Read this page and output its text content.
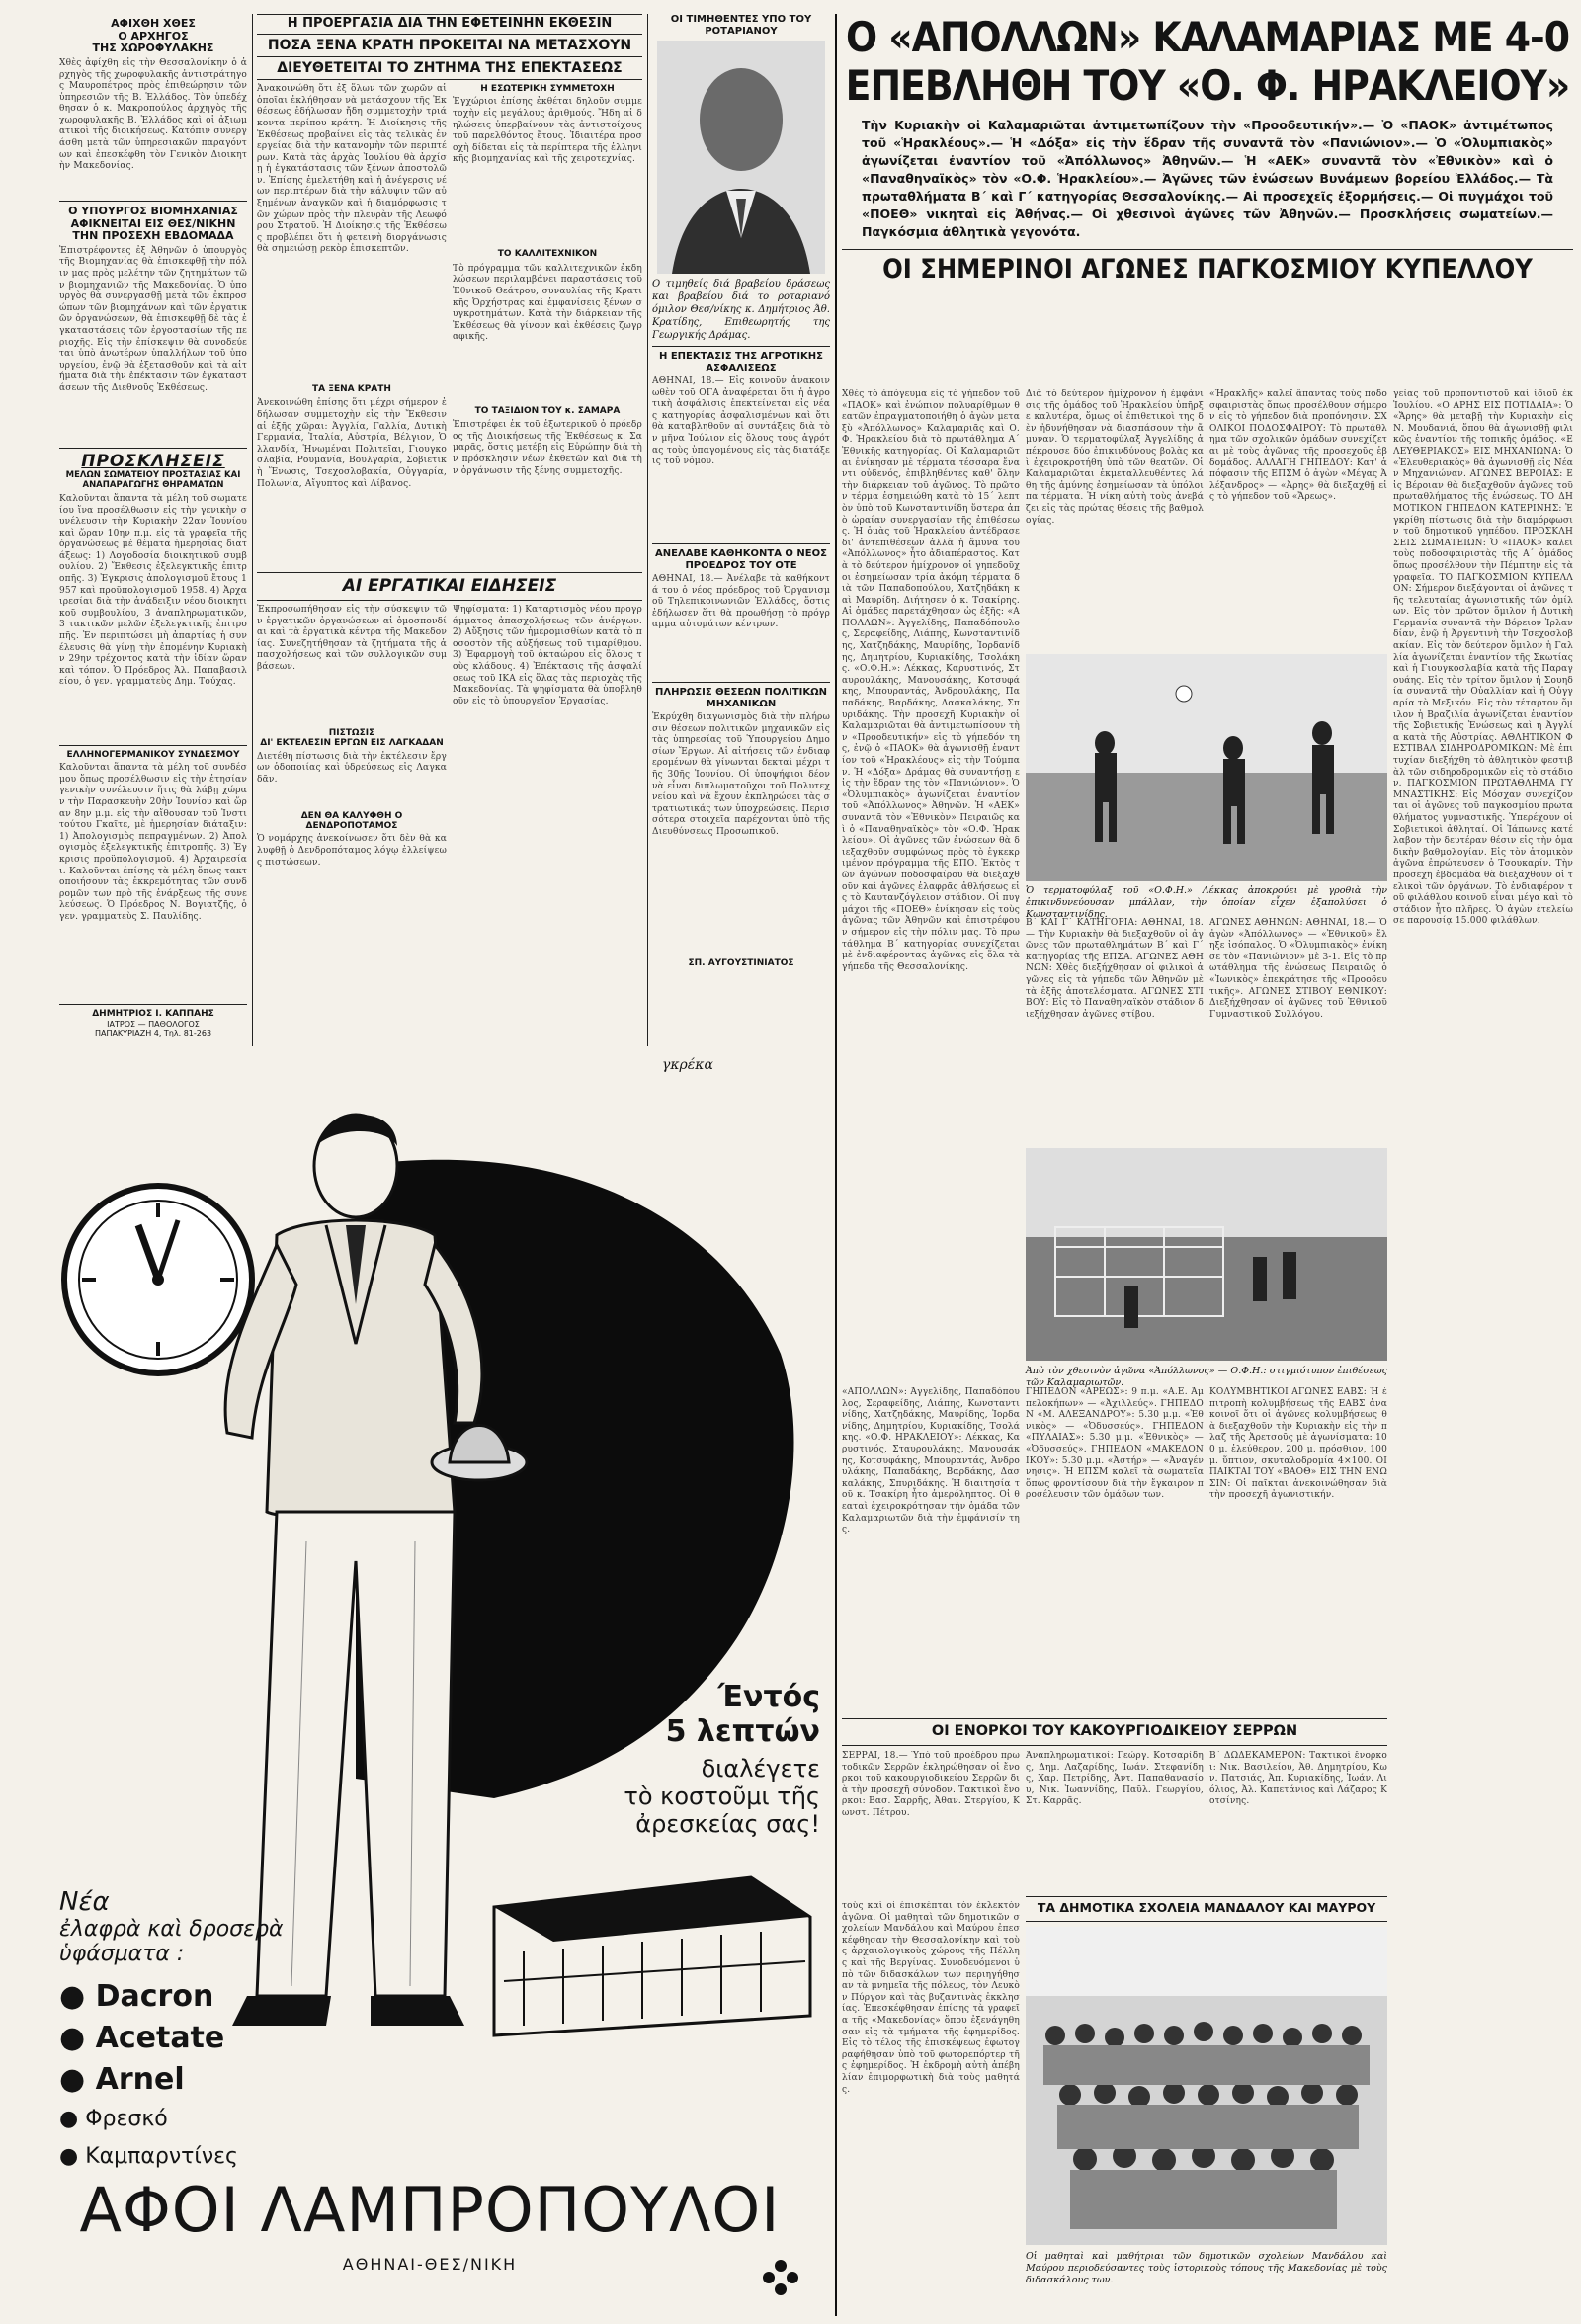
ΑΦΙΧΘΗ ΧΘΕΣ
Ο ΑΡΧΗΓΟΣ
ΤΗΣ ΧΩΡΟΦΥΛΑΚΗΣ
Χθὲς ἀφίχθη εἰς τὴν Θεσσαλονίκην ὁ ἀρχηγὸς τῆς χωροφυλακῆς ἀντιστράτηγος Μαυροπέτρος πρὸς ἐπιθεώρησιν τῶν ὑπηρεσιῶν τῆς Β. Ἑλλάδος. Τὸν ὑπεδέχθησαν ὁ κ. Μακροπούλος ἀρχηγὸς τῆς χωροφυλακῆς Β. Ἑλλάδος καὶ οἱ ἀξιωματικοὶ τῆς διοικήσεως. Κατόπιν συνεργάσθη μετὰ τῶν ὑπηρεσιακῶν παραγόντων καὶ ἐπεσκέφθη τὸν Γενικὸν Διοικητὴν Μακεδονίας.
Ο ΥΠΟΥΡΓΟΣ ΒΙΟΜΗΧΑΝΙΑΣ ΑΦΙΚΝΕΙΤΑΙ ΕΙΣ ΘΕΣ/ΝΙΚΗΝ ΤΗΝ ΠΡΟΣΕΧΗ ΕΒΔΟΜΑΔΑ
Ἐπιστρέφοντες ἐξ Ἀθηνῶν ὁ ὑπουργὸς τῆς Βιομηχανίας θὰ ἐπισκεφθῇ τὴν πόλιν μας πρὸς μελέτην τῶν ζητημάτων τῶν βιομηχανιῶν τῆς Μακεδονίας. Ὁ ὑπουργὸς θὰ συνεργασθῇ μετὰ τῶν ἐκπροσώπων τῶν βιομηχάνων καὶ τῶν ἐργατικῶν ὀργανώσεων, θὰ ἐπισκεφθῇ δὲ τὰς ἐγκαταστάσεις τῶν ἐργοστασίων τῆς περιοχῆς. Εἰς τὴν ἐπίσκεψιν θὰ συνοδεύεται ὑπὸ ἀνωτέρων ὑπαλλήλων τοῦ ὑπουργείου, ἐνῷ θὰ ἐξετασθοῦν καὶ τὰ αἰτήματα διὰ τὴν ἐπέκτασιν τῶν ἐγκαταστάσεων τῆς Διεθνοῦς Ἐκθέσεως.
ΠΡΟΣΚΛΗΣΕΙΣ
ΜΕΛΩΝ ΣΩΜΑΤΕΙΟΥ ΠΡΟΣΤΑΣΙΑΣ ΚΑΙ ΑΝΑΠΑΡΑΓΩΓΗΣ ΘΗΡΑΜΑΤΩΝ
Καλοῦνται ἅπαντα τὰ μέλη τοῦ σωματείου ἵνα προσέλθωσιν εἰς τὴν γενικὴν συνέλευσιν τὴν Κυριακὴν 22αν Ἰουνίου καὶ ὥραν 10ην π.μ. εἰς τὰ γραφεῖα τῆς ὀργανώσεως μὲ θέματα ἡμερησίας διατάξεως: 1) Λογοδοσία διοικητικοῦ συμβουλίου. 2) Ἔκθεσις ἐξελεγκτικῆς ἐπιτροπῆς. 3) Ἐγκρισις ἀπολογισμοῦ ἔτους 1957 καὶ προϋπολογισμοῦ 1958. 4) Ἀρχαιρεσίαι διὰ τὴν ἀνάδειξιν νέου διοικητικοῦ συμβουλίου, 3 ἀναπληρωματικῶν, 3 τακτικῶν μελῶν ἐξελεγκτικῆς ἐπιτροπῆς. Ἐν περιπτώσει μὴ ἀπαρτίας ἡ συνέλευσις θὰ γίνῃ τὴν ἐπομένην Κυριακὴν 29ην τρέχοντος κατὰ τὴν ἰδίαν ὥραν καὶ τόπον. Ὁ Πρόεδρος Ἀλ. Παπαβασιλείου, ὁ γεν. γραμματεὺς Δημ. Τούχας.
ΕΛΛΗΝΟΓΕΡΜΑΝΙΚΟΥ ΣΥΝΔΕΣΜΟΥ
Καλοῦνται ἅπαντα τὰ μέλη τοῦ συνδέσμου ὅπως προσέλθωσιν εἰς τὴν ἐτησίαν γενικὴν συνέλευσιν ἥτις θὰ λάβῃ χώραν τὴν Παρασκευὴν 20ὴν Ἰουνίου καὶ ὥραν 8ην μ.μ. εἰς τὴν αἴθουσαν τοῦ Ἰνστιτούτου Γκαῖτε, μὲ ἡμερησίαν διάταξιν: 1) Ἀπολογισμὸς πεπραγμένων. 2) Ἀπολογισμὸς ἐξελεγκτικῆς ἐπιτροπῆς. 3) Ἐγκρισις προϋπολογισμοῦ. 4) Ἀρχαιρεσίαι. Καλοῦνται ἐπίσης τὰ μέλη ὅπως τακτοποιήσουν τὰς ἐκκρεμότητας τῶν συνδρομῶν των πρὸ τῆς ἐνάρξεως τῆς συνελεύσεως. Ὁ Πρόεδρος Ν. Βογιατζῆς, ὁ γεν. γραμματεὺς Σ. Παυλίδης.
ΔΗΜΗΤΡΙΟΣ Ι. ΚΑΠΠΑΗΣ
ΙΑΤΡΟΣ — ΠΑΘΟΛΟΓΟΣ
ΠΑΠΑΚΥΡΙΑΖΗ 4, Τηλ. 81-263
Η ΠΡΟΕΡΓΑΣΙΑ ΔΙΑ ΤΗΝ ΕΦΕΤΕΙΝΗΝ ΕΚΘΕΣΙΝ
ΠΟΣΑ ΞΕΝΑ ΚΡΑΤΗ ΠΡΟΚΕΙΤΑΙ ΝΑ ΜΕΤΑΣΧΟΥΝ
ΔΙΕΥΘΕΤΕΙΤΑΙ ΤΟ ΖΗΤΗΜΑ ΤΗΣ ΕΠΕΚΤΑΣΕΩΣ
Ἀνακοινώθη ὅτι ἐξ ὅλων τῶν χωρῶν αἱ ὁποῖαι ἐκλήθησαν νὰ μετάσχουν τῆς Ἐκθέσεως ἐδήλωσαν ἤδη συμμετοχὴν τριάκοντα περίπου κράτη. Ἡ Διοίκησις τῆς Ἐκθέσεως προβαίνει εἰς τὰς τελικὰς ἐνεργείας διὰ τὴν κατανομὴν τῶν περιπτέρων. Κατὰ τὰς ἀρχὰς Ἰουλίου θὰ ἀρχίσῃ ἡ ἐγκατάστασις τῶν ξένων ἀποστολῶν. Ἐπίσης ἐμελετήθη καὶ ἡ ἀνέγερσις νέων περιπτέρων διὰ τὴν κάλυψιν τῶν αὐξημένων ἀναγκῶν καὶ ἡ διαμόρφωσις τῶν χώρων πρὸς τὴν πλευρὰν τῆς Λεωφόρου Στρατοῦ. Ἡ Διοίκησις τῆς Ἐκθέσεως προβλέπει ὅτι ἡ φετεινὴ διοργάνωσις θὰ σημειώσῃ ρεκὸρ ἐπισκεπτῶν.
ΤΑ ΞΕΝΑ ΚΡΑΤΗ
Ἀνεκοινώθη ἐπίσης ὅτι μέχρι σήμερον ἐδήλωσαν συμμετοχὴν εἰς τὴν Ἔκθεσιν αἱ ἑξῆς χῶραι: Ἀγγλία, Γαλλία, Δυτικὴ Γερμανία, Ἰταλία, Αὐστρία, Βέλγιον, Ὁλλανδία, Ἡνωμέναι Πολιτεῖαι, Γιουγκοσλαβία, Ρουμανία, Βουλγαρία, Σοβιετικὴ Ἕνωσις, Τσεχοσλοβακία, Οὐγγαρία, Πολωνία, Αἴγυπτος καὶ Λίβανος.
Η ΕΣΩΤΕΡΙΚΗ ΣΥΜΜΕΤΟΧΗ
Ἐγχώριοι ἐπίσης ἐκθέται δηλοῦν συμμετοχὴν εἰς μεγάλους ἀριθμούς. Ἤδη αἱ δηλώσεις ὑπερβαίνουν τὰς ἀντιστοίχους τοῦ παρελθόντος ἔτους. Ἰδιαιτέρα προσοχὴ δίδεται εἰς τὰ περίπτερα τῆς ἐλληνικῆς βιομηχανίας καὶ τῆς χειροτεχνίας.
ΤΟ ΚΑΛΛΙΤΕΧΝΙΚΟΝ
Τὸ πρόγραμμα τῶν καλλιτεχνικῶν ἐκδηλώσεων περιλαμβάνει παραστάσεις τοῦ Ἐθνικοῦ Θεάτρου, συναυλίας τῆς Κρατικῆς Ὀρχήστρας καὶ ἐμφανίσεις ξένων συγκροτημάτων. Κατὰ τὴν διάρκειαν τῆς Ἐκθέσεως θὰ γίνουν καὶ ἐκθέσεις ζωγραφικῆς.
ΤΟ ΤΑΞΙΔΙΟΝ ΤΟΥ κ. ΣΑΜΑΡΑ
Ἐπιστρέφει ἐκ τοῦ ἐξωτερικοῦ ὁ πρόεδρος τῆς Διοικήσεως τῆς Ἐκθέσεως κ. Σαμαρᾶς, ὅστις μετέβη εἰς Εὐρώπην διὰ τὴν πρόσκλησιν νέων ἐκθετῶν καὶ διὰ τὴν ὀργάνωσιν τῆς ξένης συμμετοχῆς.
ΑΙ ΕΡΓΑΤΙΚΑΙ ΕΙΔΗΣΕΙΣ
Ἐκπροσωπήθησαν εἰς τὴν σύσκεψιν τῶν ἐργατικῶν ὀργανώσεων αἱ ὁμοσπονδίαι καὶ τὰ ἐργατικὰ κέντρα τῆς Μακεδονίας. Συνεζητήθησαν τὰ ζητήματα τῆς ἀπασχολήσεως καὶ τῶν συλλογικῶν συμβάσεων.
ΠΙΣΤΩΣΙΣ
ΔΙ' ΕΚΤΕΛΕΣΙΝ ΕΡΓΩΝ ΕΙΣ ΛΑΓΚΑΔΑΝ
Διετέθη πίστωσις διὰ τὴν ἐκτέλεσιν ἔργων ὁδοποιίας καὶ ὑδρεύσεως εἰς Λαγκαδᾶν.
ΔΕΝ ΘΑ ΚΑΛΥΦΘΗ Ο ΔΕΝΔΡΟΠΟΤΑΜΟΣ
Ὁ νομάρχης ἀνεκοίνωσεν ὅτι δὲν θὰ καλυφθῇ ὁ Δενδροπόταμος λόγῳ ἐλλείψεως πιστώσεων.
Ψηφίσματα: 1) Καταρτισμὸς νέου προγράμματος ἀπασχολήσεως τῶν ἀνέργων. 2) Αὔξησις τῶν ἡμερομισθίων κατὰ τὸ ποσοστὸν τῆς αὐξήσεως τοῦ τιμαρίθμου. 3) Ἐφαρμογὴ τοῦ ὀκταώρου εἰς ὅλους τοὺς κλάδους. 4) Ἐπέκτασις τῆς ἀσφαλίσεως τοῦ ΙΚΑ εἰς ὅλας τὰς περιοχὰς τῆς Μακεδονίας. Τὰ ψηφίσματα θὰ ὑποβληθοῦν εἰς τὸ ὑπουργεῖον Ἐργασίας.
ΟΙ ΤΙΜΗΘΕΝΤΕΣ ΥΠΟ ΤΟΥ ΡΟΤΑΡΙΑΝΟΥ
Ο τιμηθείς διά βραβείου δράσεως και βραβείου διά το ροταριανό όμιλον Θεσ/νίκης κ. Δημήτριος Άθ. Κρατίδης, Επιθεωρητής της Γεωργικής Δράμας.
Η ΕΠΕΚΤΑΣΙΣ ΤΗΣ ΑΓΡΟΤΙΚΗΣ ΑΣΦΑΛΙΣΕΩΣ
ΑΘΗΝΑΙ, 18.— Εἰς κοινοῦν ἀνακοινωθὲν τοῦ ΟΓΑ ἀναφέρεται ὅτι ἡ ἀγροτικὴ ἀσφάλισις ἐπεκτείνεται εἰς νέας κατηγορίας ἀσφαλισμένων καὶ ὅτι θὰ καταβληθοῦν αἱ συντάξεις διὰ τὸν μῆνα Ἰούλιον εἰς ὅλους τοὺς ἀγρότας τοὺς ὑπαγομένους εἰς τὰς διατάξεις τοῦ νόμου.
ΑΝΕΛΑΒΕ ΚΑΘΗΚΟΝΤΑ Ο ΝΕΟΣ ΠΡΟΕΔΡΟΣ ΤΟΥ ΟΤΕ
ΑΘΗΝΑΙ, 18.— Ἀνέλαβε τὰ καθήκοντά του ὁ νέος πρόεδρος τοῦ Ὀργανισμοῦ Τηλεπικοινωνιῶν Ἑλλάδος, ὅστις ἐδήλωσεν ὅτι θὰ προωθήσῃ τὸ πρόγραμμα αὐτομάτων κέντρων.
ΠΛΗΡΩΣΙΣ ΘΕΣΕΩΝ ΠΟΛΙΤΙΚΩΝ ΜΗΧΑΝΙΚΩΝ
Ἐκρύχθη διαγωνισμὸς διὰ τὴν πλήρωσιν θέσεων πολιτικῶν μηχανικῶν εἰς τὰς ὑπηρεσίας τοῦ Ὑπουργείου Δημοσίων Ἔργων. Αἱ αἰτήσεις τῶν ἐνδιαφερομένων θὰ γίνωνται δεκταὶ μέχρι τῆς 30ῆς Ἰουνίου. Οἱ ὑποψήφιοι δέον νὰ εἶναι διπλωματοῦχοι τοῦ Πολυτεχνείου καὶ νὰ ἔχουν ἐκπληρώσει τὰς στρατιωτικάς των ὑποχρεώσεις. Περισσότερα στοιχεῖα παρέχονται ὑπὸ τῆς Διευθύνσεως Προσωπικοῦ.
ΣΠ. ΑΥΓΟΥΣΤΙΝΙΑΤΟΣ
γκρέκα
Έντός
5 λεπτών
διαλέγετε
τὸ κοστοῦμι τῆς
ἀρεσκείας σας!
Νέα
ἐλαφρὰ καὶ δροσερὰ
ὑφάσματα :
● Dacron
● Acetate
● Arnel
● Φρεσκό
● Καμπαρντίνες
ΑΦΟΙ ΛΑΜΠΡΟΠΟΥΛΟΙ
ΑΘΗΝΑΙ-ΘΕΣ/ΝΙΚΗ
Ο «ΑΠΟΛΛΩΝ» ΚΑΛΑΜΑΡΙΑΣ ΜΕ 4-0
ΕΠΕΒΛΗΘΗ ΤΟΥ «Ο. Φ. ΗΡΑΚΛΕΙΟΥ»
Τὴν Κυριακὴν οἱ Καλαμαριῶται ἀντιμετωπίζουν τὴν «Προοδευτικήν».— Ὁ «ΠΑΟΚ» ἀντιμέτωπος τοῦ «Ἡρακλέους».— Ἡ «Δόξα» εἰς τὴν ἕδραν τῆς συναντᾶ τὸν «Πανιώνιον».— Ὁ «Ὀλυμπιακὸς» ἀγωνίζεται ἐναντίον τοῦ «Ἀπόλλωνος» Ἀθηνῶν.— Ἡ «ΑΕΚ» συναντᾶ τὸν «Ἐθνικὸν» καὶ ὁ «Παναθηναϊκὸς» τὸν «Ο.Φ. Ἡρακλείου».— Ἀγῶνες τῶν ἑνώσεων Βυνάμεων βορείου Ἑλλάδος.— Τὰ πρωταθλήματα Β΄ καὶ Γ΄ κατηγορίας Θεσσαλονίκης.— Αἱ προσεχεῖς ἐξορμήσεις.— Οἱ πυγμάχοι τοῦ «ΠΟΕΘ» νικηταὶ εἰς Ἀθήνας.— Οἱ χθεσινοὶ ἀγῶνες τῶν Ἀθηνῶν.— Προσκλήσεις σωματείων.— Παγκόσμια ἀθλητικὰ γεγονότα.
ΟΙ ΣΗΜΕΡΙΝΟΙ ΑΓΩΝΕΣ ΠΑΓΚΟΣΜΙΟΥ ΚΥΠΕΛΛΟΥ
Χθὲς τὸ ἀπόγευμα εἰς τὸ γήπεδον τοῦ «ΠΑΟΚ» καὶ ἐνώπιον πολυαρίθμων θεατῶν ἐπραγματοποιήθη ὁ ἀγὼν μεταξὺ «Ἀπόλλωνος» Καλαμαριᾶς καὶ Ο.Φ. Ἡρακλείου διὰ τὸ πρωτάθλημα Α΄ Ἐθνικῆς κατηγορίας. Οἱ Καλαμαριῶται ἐνίκησαν μὲ τέρματα τέσσαρα ἔναντι οὐδενός, ἐπιβληθέντες καθ' ὅλην τὴν διάρκειαν τοῦ ἀγῶνος. Τὸ πρῶτον τέρμα ἐσημειώθη κατὰ τὸ 15΄ λεπτὸν ὑπὸ τοῦ Κωνσταντινίδη ὕστερα ἀπὸ ὡραίαν συνεργασίαν τῆς ἐπιθέσεως. Ἡ ὁμὰς τοῦ Ἡρακλείου ἀντέδρασε δι' ἀντεπιθέσεων ἀλλὰ ἡ ἄμυνα τοῦ «Ἀπόλλωνος» ἦτο ἀδιαπέραστος. Κατὰ τὸ δεύτερον ἡμίχρονον οἱ γηπεδοῦχοι ἐσημείωσαν τρία ἀκόμη τέρματα διὰ τῶν Παπαδοπούλου, Χατζηδάκη καὶ Μαυρίδη. Διήτησεν ὁ κ. Τσακίρης. Αἱ ὁμάδες παρετάχθησαν ὡς ἑξῆς: «ΑΠΟΛΛΩΝ»: Ἀγγελίδης, Παπαδόπουλος, Σεραφείδης, Λιάπης, Κωνσταντινίδης, Χατζηδάκης, Μαυρίδης, Ἰορδανίδης, Δημητρίου, Κυριακίδης, Τσολάκης. «Ο.Φ.Η.»: Λέκκας, Καρυστινός, Σταυρουλάκης, Μανουσάκης, Κοτσυφάκης, Μπουραντάς, Ἀνδρουλάκης, Παπαδάκης, Βαρδάκης, Δασκαλάκης, Σπυριδάκης. Τὴν προσεχῆ Κυριακὴν οἱ Καλαμαριῶται θὰ ἀντιμετωπίσουν τὴν «Προοδευτικήν» εἰς τὸ γήπεδόν της, ἐνῷ ὁ «ΠΑΟΚ» θὰ ἀγωνισθῇ ἐναντίον τοῦ «Ἡρακλέους» εἰς τὴν Τούμπαν. Ἡ «Δόξα» Δράμας θὰ συναντήσῃ εἰς τὴν ἕδραν της τὸν «Πανιώνιον». Ὁ «Ὀλυμπιακὸς» ἀγωνίζεται ἐναντίον τοῦ «Ἀπόλλωνος» Ἀθηνῶν. Ἡ «ΑΕΚ» συναντᾶ τὸν «Ἐθνικὸν» Πειραιῶς καὶ ὁ «Παναθηναϊκὸς» τὸν «Ο.Φ. Ἡρακλείου». Οἱ ἀγῶνες τῶν ἑνώσεων θὰ διεξαχθοῦν συμφώνως πρὸς τὸ ἐγκεκριμένον πρόγραμμα τῆς ΕΠΟ. Ἐκτὸς τῶν ἀγώνων ποδοσφαίρου θὰ διεξαχθοῦν καὶ ἀγῶνες ἐλαφρᾶς ἀθλήσεως εἰς τὸ Καυτανζόγλειον στάδιον. Οἱ πυγμάχοι τῆς «ΠΟΕΘ» ἐνίκησαν εἰς τοὺς ἀγῶνας τῶν Ἀθηνῶν καὶ ἐπιστρέφουν σήμερον εἰς τὴν πόλιν μας. Τὸ πρωτάθλημα Β΄ κατηγορίας συνεχίζεται μὲ ἐνδιαφέροντας ἀγῶνας εἰς ὅλα τὰ γήπεδα τῆς Θεσσαλονίκης.
Διὰ τὸ δεύτερον ἡμίχρονον ἡ ἐμφάνισις τῆς ὁμάδος τοῦ Ἡρακλείου ὑπῆρξε καλυτέρα, ὅμως οἱ ἐπιθετικοὶ της δὲν ἠδυνήθησαν νὰ διασπάσουν τὴν ἄμυναν. Ὁ τερματοφύλαξ Ἀγγελίδης ἀπέκρουσε δύο ἐπικινδύνους βολὰς καὶ ἐχειροκροτήθη ὑπὸ τῶν θεατῶν. Οἱ Καλαμαριῶται ἐκμεταλλευθέντες λάθη τῆς ἀμύνης ἐσημείωσαν τὰ ὑπόλοιπα τέρματα. Ἡ νίκη αὐτὴ τοὺς ἀνεβάζει εἰς τὰς πρώτας θέσεις τῆς βαθμολογίας.
«Ἡρακλῆς» καλεῖ ἅπαντας τοὺς ποδοσφαιριστὰς ὅπως προσέλθουν σήμερον εἰς τὸ γήπεδον διὰ προπόνησιν. ΣΧΟΛΙΚΟΙ ΠΟΔΟΣΦΑΙΡΟΥ: Τὸ πρωτάθλημα τῶν σχολικῶν ὁμάδων συνεχίζεται μὲ τοὺς ἀγῶνας τῆς προσεχοῦς ἑβδομάδος. ΑΛΛΑΓΗ ΓΗΠΕΔΟΥ: Κατ' ἀπόφασιν τῆς ΕΠΣΜ ὁ ἀγὼν «Μέγας Ἀλέξανδρος» — «Ἀρης» θὰ διεξαχθῇ εἰς τὸ γήπεδον τοῦ «Ἄρεως».
γείας τοῦ προποντιστοῦ καὶ ἰδιοῦ ἐκ Ἰουλίου. «Ο ΑΡΗΣ ΕΙΣ ΠΟΤΙΔΑΙΑ»: Ὁ «Ἄρης» θὰ μεταβῇ τὴν Κυριακὴν εἰς Ν. Μουδανιά, ὅπου θὰ ἀγωνισθῇ φιλικῶς ἐναντίον τῆς τοπικῆς ὁμάδος. «ΕΛΕΥΘΕΡΙΑΚΟΣ» ΕΙΣ ΜΗΧΑΝΙΩΝΑ: Ὁ «Ἐλευθεριακὸς» θὰ ἀγωνισθῇ εἰς Νέαν Μηχανιώναν. ΑΓΩΝΕΣ ΒΕΡΟΙΑΣ: Εἰς Βέροιαν θὰ διεξαχθοῦν ἀγῶνες τοῦ πρωταθλήματος τῆς ἑνώσεως. ΤΟ ΔΗΜΟΤΙΚΟΝ ΓΗΠΕΔΟΝ ΚΑΤΕΡΙΝΗΣ: Ἐγκρίθη πίστωσις διὰ τὴν διαμόρφωσιν τοῦ δημοτικοῦ γηπέδου. ΠΡΟΣΚΛΗΣΕΙΣ ΣΩΜΑΤΕΙΩΝ: Ὁ «ΠΑΟΚ» καλεῖ τοὺς ποδοσφαιριστὰς τῆς Α΄ ὁμάδος ὅπως προσέλθουν τὴν Πέμπτην εἰς τὰ γραφεῖα. ΤΟ ΠΑΓΚΟΣΜΙΟΝ ΚΥΠΕΛΛΟΝ: Σήμερον διεξάγονται οἱ ἀγῶνες τῆς τελευταίας ἀγωνιστικῆς τῶν ὁμίλων. Εἰς τὸν πρῶτον ὅμιλον ἡ Δυτικὴ Γερμανία συναντᾶ τὴν Βόρειον Ἰρλανδίαν, ἐνῷ ἡ Ἀργεντινὴ τὴν Τσεχοσλοβακίαν. Εἰς τὸν δεύτερον ὅμιλον ἡ Γαλλία ἀγωνίζεται ἐναντίον τῆς Σκωτίας καὶ ἡ Γιουγκοσλαβία κατὰ τῆς Παραγουάης. Εἰς τὸν τρίτον ὅμιλον ἡ Σουηδία συναντᾶ τὴν Οὐαλλίαν καὶ ἡ Οὐγγαρία τὸ Μεξικόν. Εἰς τὸν τέταρτον ὅμιλον ἡ Βραζιλία ἀγωνίζεται ἐναντίον τῆς Σοβιετικῆς Ἑνώσεως καὶ ἡ Ἀγγλία κατὰ τῆς Αὐστρίας. ΑΘΛΗΤΙΚΟΝ ΦΕΣΤΙΒΑΛ ΣΙΔΗΡΟΔΡΟΜΙΚΩΝ: Μὲ ἐπιτυχίαν διεξήχθη τὸ ἀθλητικὸν φεστιβὰλ τῶν σιδηροδρομικῶν εἰς τὸ στάδιον. ΠΑΓΚΟΣΜΙΟΝ ΠΡΩΤΑΘΛΗΜΑ ΓΥΜΝΑΣΤΙΚΗΣ: Εἰς Μόσχαν συνεχίζονται οἱ ἀγῶνες τοῦ παγκοσμίου πρωταθλήματος γυμναστικῆς. Ὑπερέχουν οἱ Σοβιετικοὶ ἀθληταί. Οἱ Ἰάπωνες κατέλαβον τὴν δευτέραν θέσιν εἰς τὴν ὁμαδικὴν βαθμολογίαν. Εἰς τὸν ἀτομικὸν ἀγῶνα ἐπρώτευσεν ὁ Τσουκαρίν. Τὴν προσεχῆ ἑβδομάδα θὰ διεξαχθοῦν οἱ τελικοὶ τῶν ὀργάνων. Τὸ ἐνδιαφέρον τοῦ φιλάθλου κοινοῦ εἶναι μέγα καὶ τὸ στάδιον ἦτο πλῆρες. Ὁ ἀγὼν ἐτελείωσε παρουσίᾳ 15.000 φιλάθλων.
Ὁ τερματοφύλαξ τοῦ «Ο.Φ.Η.» Λέκκας ἀποκρούει μὲ γροθιὰ τὴν ἐπικινδυνεύουσαν μπάλλαν, τὴν ὁποίαν εἶχεν ἐξαπολύσει ὁ Κωνσταντινίδης.
Β΄ ΚΑΙ Γ΄ ΚΑΤΗΓΟΡΙΑ: ΑΘΗΝΑΙ, 18.— Τὴν Κυριακὴν θὰ διεξαχθοῦν οἱ ἀγῶνες τῶν πρωταθλημάτων Β΄ καὶ Γ΄ κατηγορίας τῆς ΕΠΣΑ. ΑΓΩΝΕΣ ΑΘΗΝΩΝ: Χθὲς διεξήχθησαν οἱ φιλικοὶ ἀγῶνες εἰς τὰ γήπεδα τῶν Ἀθηνῶν μὲ τὰ ἑξῆς ἀποτελέσματα. ΑΓΩΝΕΣ ΣΤΙΒΟΥ: Εἰς τὸ Παναθηναϊκὸν στάδιον διεξήχθησαν ἀγῶνες στίβου.
ΑΓΩΝΕΣ ΑΘΗΝΩΝ: ΑΘΗΝΑΙ, 18.— Ὁ ἀγὼν «Ἀπόλλωνος» — «Ἐθνικοῦ» ἔληξε ἰσόπαλος. Ὁ «Ὀλυμπιακὸς» ἐνίκησε τὸν «Πανιώνιον» μὲ 3-1. Εἰς τὸ πρωτάθλημα τῆς ἐνώσεως Πειραιῶς ὁ «Ἰωνικὸς» ἐπεκράτησε τῆς «Προοδευτικῆς». ΑΓΩΝΕΣ ΣΤΙΒΟΥ ΕΘΝΙΚΟΥ: Διεξήχθησαν οἱ ἀγῶνες τοῦ Ἐθνικοῦ Γυμναστικοῦ Συλλόγου.
Ἀπὸ τὸν χθεσινὸν ἀγῶνα «Ἀπόλλωνος» — Ο.Φ.Η.: στιγμιότυπον ἐπιθέσεως τῶν Καλαμαριωτῶν.
«ΑΠΟΛΛΩΝ»: Ἀγγελίδης, Παπαδόπουλος, Σεραφείδης, Λιάπης, Κωνσταντινίδης, Χατζηδάκης, Μαυρίδης, Ἰορδανίδης, Δημητρίου, Κυριακίδης, Τσολάκης. «Ο.Φ. ΗΡΑΚΛΕΙΟΥ»: Λέκκας, Καρυστινός, Σταυρουλάκης, Μανουσάκης, Κοτσυφάκης, Μπουραντάς, Ἀνδρουλάκης, Παπαδάκης, Βαρδάκης, Δασκαλάκης, Σπυριδάκης. Ἡ διαιτησία τοῦ κ. Τσακίρη ἦτο ἀμερόληπτος. Οἱ θεαταὶ ἐχειροκρότησαν τὴν ὁμάδα τῶν Καλαμαριωτῶν διὰ τὴν ἐμφάνισίν της.
ΓΗΠΕΔΟΝ «ΑΡΕΩΣ»: 9 π.μ. «Α.Ε. Ἀμπελοκήπων» — «Ἀχιλλεύς». ΓΗΠΕΔΟΝ «Μ. ΑΛΕΞΑΝΔΡΟΥ»: 5.30 μ.μ. «Ἐθνικὸς» — «Ὀδυσσεύς». ΓΗΠΕΔΟΝ «ΠΥΛΑΙΑΣ»: 5.30 μ.μ. «Ἐθνικὸς» — «Ὀδυσσεύς». ΓΗΠΕΔΟΝ «ΜΑΚΕΔΟΝΙΚΟΥ»: 5.30 μ.μ. «Ἀστήρ» — «Ἀναγέννησις». Ἡ ΕΠΣΜ καλεῖ τὰ σωματεῖα ὅπως φροντίσουν διὰ τὴν ἔγκαιρον προσέλευσιν τῶν ὁμάδων των.
ΚΟΛΥΜΒΗΤΙΚΟΙ ΑΓΩΝΕΣ ΕΑΒΣ: Ἡ ἐπιτροπὴ κολυμβήσεως τῆς ΕΑΒΣ ἀνακοινοῖ ὅτι οἱ ἀγῶνες κολυμβήσεως θὰ διεξαχθοῦν τὴν Κυριακὴν εἰς τὴν πλαζ τῆς Ἀρετσοῦς μὲ ἀγωνίσματα: 100 μ. ἐλεύθερον, 200 μ. πρόσθιον, 100 μ. ὕπτιον, σκυταλοδρομία 4×100. ΟΙ ΠΑΙΚΤΑΙ ΤΟΥ «ΒΑΟΘ» ΕΙΣ ΤΗΝ ΕΝΩΣΙΝ: Οἱ παῖκται ἀνεκοινώθησαν διὰ τὴν προσεχῆ ἀγωνιστικήν.
ΟΙ ΕΝΟΡΚΟΙ ΤΟΥ ΚΑΚΟΥΡΓΙΟΔΙΚΕΙΟΥ ΣΕΡΡΩΝ
ΣΕΡΡΑΙ, 18.— Ὑπὸ τοῦ προέδρου πρωτοδικῶν Σερρῶν ἐκληρώθησαν οἱ ἔνορκοι τοῦ κακουργιοδικείου Σερρῶν διὰ τὴν προσεχῆ σύνοδον. Τακτικοὶ ἔνορκοι: Βασ. Σαρρῆς, Ἀθαν. Στεργίου, Κωνστ. Πέτρου.
Ἀναπληρωματικοί: Γεώργ. Κοτσαρίδης, Δημ. Λαζαρίδης, Ἰωάν. Στεφανίδης, Χαρ. Πετρίδης, Ἀντ. Παπαθανασίου, Νικ. Ἰωαννίδης, Παῦλ. Γεωργίου, Στ. Καρρᾶς.
Β΄ ΔΩΔΕΚΑΜΕΡΟΝ: Τακτικοὶ ἔνορκοι: Νικ. Βασιλείου, Ἀθ. Δημητρίου, Κων. Πατσιάς, Ἀπ. Κυριακίδης, Ἰωάν. Λιόλιος, Ἀλ. Καπετάνιος καὶ Λάζαρος Κοτσίνης.
ΤΑ ΔΗΜΟΤΙΚΑ ΣΧΟΛΕΙΑ ΜΑΝΔΑΛΟΥ ΚΑΙ ΜΑΥΡΟΥ
τοὺς καὶ οἱ ἐπισκέπται τὸν ἐκλεκτὸν ἀγῶνα. Οἱ μαθηταὶ τῶν δημοτικῶν σχολείων Μανδάλου καὶ Μαύρου ἐπεσκέφθησαν τὴν Θεσσαλονίκην καὶ τοὺς ἀρχαιολογικοὺς χώρους τῆς Πέλλης καὶ τῆς Βεργίνας. Συνοδευόμενοι ὑπὸ τῶν διδασκάλων των περιηγήθησαν τὰ μνημεῖα τῆς πόλεως, τὸν Λευκὸν Πύργον καὶ τὰς βυζαντινὰς ἐκκλησίας. Ἐπεσκέφθησαν ἐπίσης τὰ γραφεῖα τῆς «Μακεδονίας» ὅπου ἐξενάγηθησαν εἰς τὰ τμήματα τῆς ἐφημερίδος. Εἰς τὸ τέλος τῆς ἐπισκέψεως ἐφωτογραφήθησαν ὑπὸ τοῦ φωτορεπόρτερ τῆς ἐφημερίδος. Ἡ ἐκδρομὴ αὐτὴ ἀπέβη λίαν ἐπιμορφωτικὴ διὰ τοὺς μαθητάς.
Οἱ μαθηταὶ καὶ μαθήτριαι τῶν δημοτικῶν σχολείων Μανδάλου καὶ Μαύρου περιοδεύσαντες τοὺς ἱστορικοὺς τόπους τῆς Μακεδονίας μὲ τοὺς διδασκάλους των.
